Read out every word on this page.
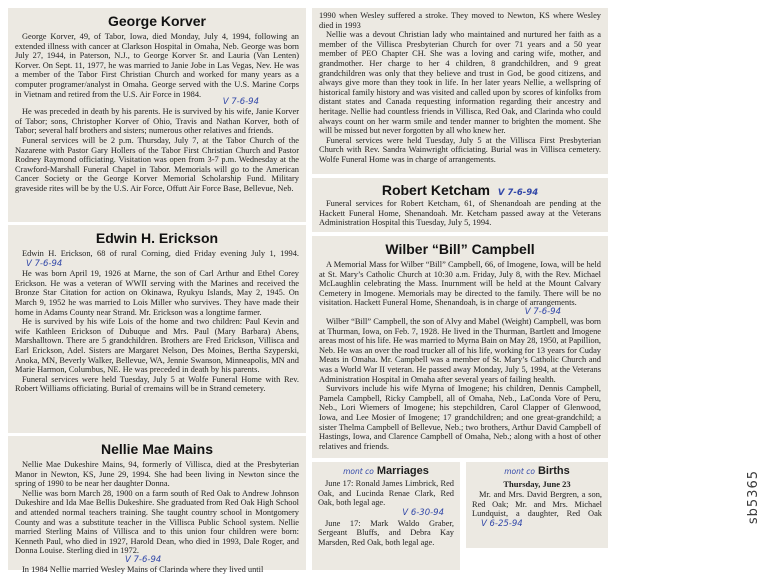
George Korver

George Korver, 49, of Tabor, Iowa, died Monday, July 4, 1994, following an extended illness with cancer at Clarkson Hospital in Omaha, Neb. George was born July 27, 1944, in Paterson, N.J., to George Korver Sr. and Lauria (Van Lenten) Korver. On Sept. 11, 1977, he was married to Janie Jobe in Las Vegas, Nev. He was a member of the Tabor First Christian Church and worked for many years as a computer programer/analyst in Omaha. George served with the U.S. Marine Corps in Vietnam and retired from the U.S. Air Force in 1984.

V 7-6-94

He was preceded in death by his parents. He is survived by his wife, Janie Korver of Tabor; sons, Christopher Korver of Ohio, Travis and Nathan Korver, both of Tabor; several half brothers and sisters; numerous other relatives and friends.

Funeral services will be 2 p.m. Thursday, July 7, at the Tabor Church of the Nazarene with Pastor Gary Hollers of the Tabor First Christian Church and Pastor Rodney Raymond officiating. Visitation was open from 3-7 p.m. Wednesday at the Crawford-Marshall Funeral Chapel in Tabor. Memorials will go to the American Cancer Society or the George Korver Memorial Scholarship Fund. Military graveside rites will be by the U.S. Air Force, Offutt Air Force Base, Bellevue, Neb.

Edwin H. Erickson

Edwin H. Erickson, 68 of rural Corning, died Friday evening July 1, 1994.V 7-6-94

He was born April 19, 1926 at Marne, the son of Carl Arthur and Ethel Corey Erickson. He was a veteran of WWII serving with the Marines and received the Bronze Star Citation for action on Okinawa, Ryukyu Islands, May 2, 1945. On March 9, 1952 he was married to Lois Miller who survives. They have made their home in Adams County near Strand. Mr. Erickson was a longtime farmer.

He is survived by his wife Lois of the home and two children: Paul Kevin and wife Kathleen Erickson of Dubuque and Mrs. Paul (Mary Barbara) Abens, Marshalltown. There are 5 grandchildren. Brothers are Fred Erickson, Villisca and Earl Erickson, Adel. Sisters are Margaret Nelson, Des Moines, Bertha Szyperski, Anoka, MN, Beverly Walker, Bellevue, WA, Jennie Swanson, Minneapolis, MN and Marie Harmon, Columbus, NE. He was preceded in death by his parents.

Funeral services were held Tuesday, July 5 at Wolfe Funeral Home with Rev. Robert Williams officiating. Burial of cremains will be in Strand cemetery.

Nellie Mae Mains

Nellie Mae Dukeshire Mains, 94, formerly of Villisca, died at the Presbyterian Manor in Newton, KS, June 29, 1994. She had been living in Newton since the spring of 1990 to be near her daughter Donna.

Nellie was born March 28, 1900 on a farm south of Red Oak to Andrew Johnson Dukeshire and Ida Mae Bellis Dukeshire. She graduated from Red Oak High School and attended normal teachers training. She taught country school in Montgomery County and was a substitute teacher in the Villisca Public School system. Nellie married Sterling Mains of Villisca and to this union four children were born: Kenneth Paul, who died in 1927, Harold Dean, who died in 1993, Dale Roger, and Donna Louise. Sterling died in 1972.

V 7-6-94

In 1984 Nellie married Wesley Mains of Clarinda where they lived until

1990 when Wesley suffered a stroke. They moved to Newton, KS where Wesley died in 1993

Nellie was a devout Christian lady who maintained and nurtured her faith as a member of the Villisca Presbyterian Church for over 71 years and a 50 year member of PEO Chapter CH. She was a loving and caring wife, mother, and grandmother. Her charge to her 4 children, 8 grandchildren, and 9 great grandchildren was only that they believe and trust in God, be good citizens, and always give more than they took in life. In her later years Nellie, a wellspring of historical family history and was visited and called upon by scores of kinfolks from distant states and Canada requesting information regarding their ancestry and heritage. Nellie had countless friends in Villisca, Red Oak, and Clarinda who could always count on her warm smile and tender manner to brighten the moment. She will be missed but never forgotten by all who knew her.

Funeral services were held Tuesday, July 5 at the Villisca First Presbyterian Church with Rev. Sandra Wainwright officiating. Burial was in Villisca cemetery. Wolfe Funeral Home was in charge of arrangements.

Robert Ketcham V 7-6-94

Funeral services for Robert Ketcham, 61, of Shenandoah are pending at the Hackett Funeral Home, Shenandoah. Mr. Ketcham passed away at the Veterans Administration Hospital this Tuesday, July 5, 1994.

Wilber “Bill” Campbell

A Memorial Mass for Wilber “Bill” Campbell, 66, of Imogene, Iowa, will be held at St. Mary’s Catholic Church at 10:30 a.m. Friday, July 8, with the Rev. Michael McLaughlin celebrating the Mass. Inurnment will be held at the Mount Calvary Cemetery in Imogene. Memorials may be directed to the family. There will be no visitation. Hackett Funeral Home, Shenandoah, is in charge of arrangements.

V 7-6-94

Wilber “Bill” Campbell, the son of Alvy and Mabel (Weight) Campbell, was born at Thurman, Iowa, on Feb. 7, 1928. He lived in the Thurman, Bartlett and Imogene areas most of his life. He was married to Myrna Bain on May 28, 1950, at Papillion, Neb. He was an over the road trucker all of his life, working for 13 years for Cuday Meats in Omaha. Mr. Campbell was a member of St. Mary’s Catholic Church and was a World War II veteran. He passed away Monday, July 5, 1994, at the Veterans Administration Hospital in Omaha after several years of failing health.

Survivors include his wife Myrna of Imogene; his children, Dennis Campbell, Pamela Campbell, Ricky Campbell, all of Omaha, Neb., LaConda Vore of Peru, Neb., Lori Wiemers of Imogene; his stepchildren, Carol Clapper of Glenwood, Iowa, and Lee Mosier of Imogene; 17 grandchildren; and one great-grandchild; a sister Thelma Campbell of Bellevue, Neb.; two brothers, Arthur David Campbell of Hastings, Iowa, and Clarence Campbell of Omaha, Neb.; along with a host of other relatives and friends.

mont co Marriages

June 17: Ronald James Limbrick, Red Oak, and Lucinda Renae Clark, Red Oak, both legal age.

V 6-30-94

June 17: Mark Waldo Graber, Sergeant Bluffs, and Debra Kay Marsden, Red Oak, both legal age.

mont co Births
Thursday, June 23

Mr. and Mrs. David Bergren, a son, Red Oak; Mr. and Mrs. Michael Lundquist, a daughter, Red Oak V 6-25-94	sb5365
